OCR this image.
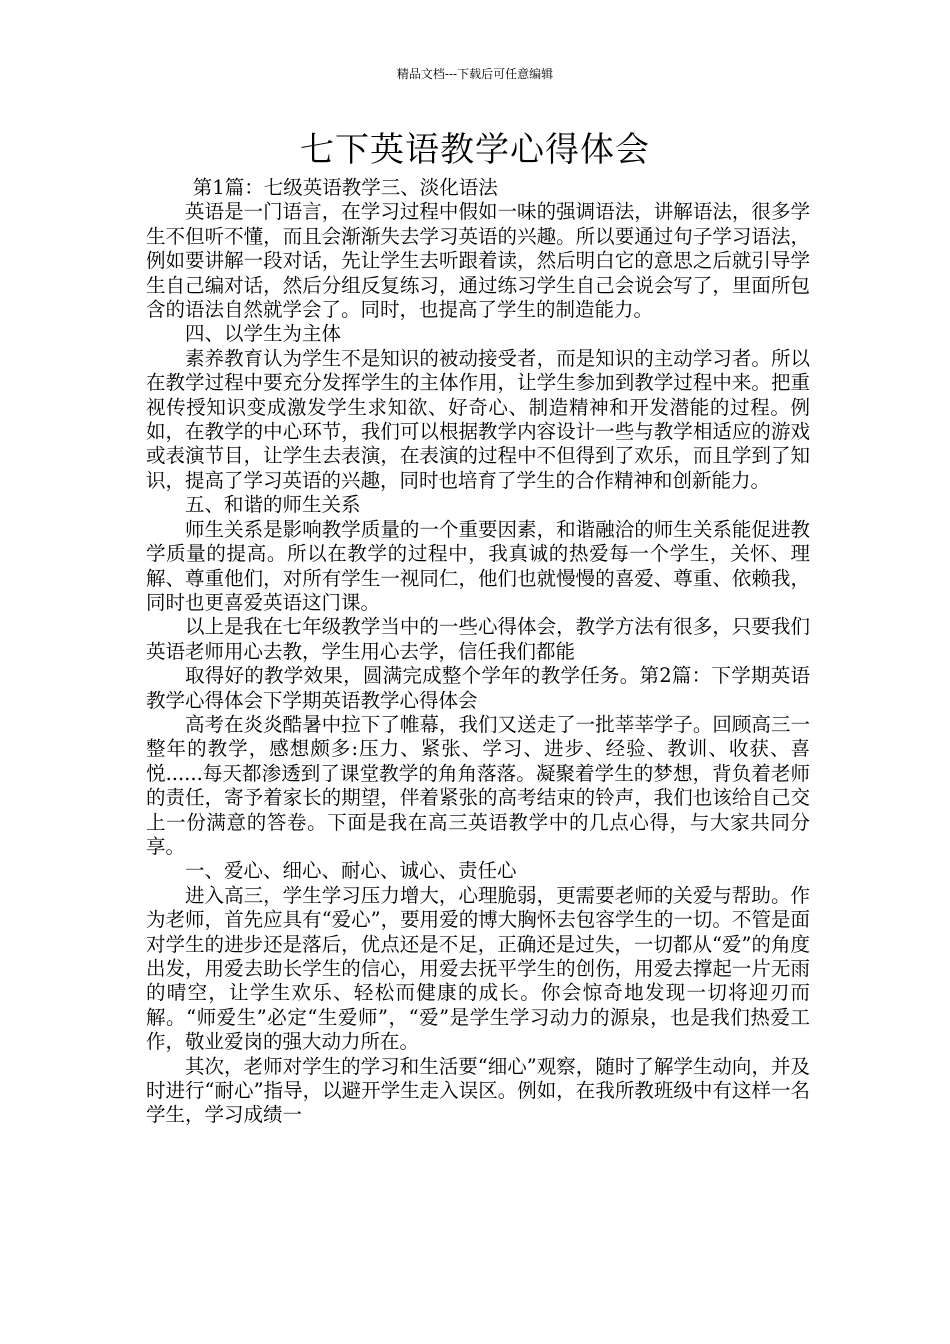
精品文档---下载后可任意编辑
七下英语教学心得体会

第1篇：七级英语教学三、淡化语法

英语是一门语言，在学习过程中假如一味的强调语法，讲解语法，很多学生不但听不懂，而且会渐渐失去学习英语的兴趣。所以要通过句子学习语法，例如要讲解一段对话，先让学生去听跟着读，然后明白它的意思之后就引导学生自己编对话，然后分组反复练习，通过练习学生自己会说会写了，里面所包含的语法自然就学会了。同时，也提高了学生的制造能力。

四、以学生为主体

素养教育认为学生不是知识的被动接受者，而是知识的主动学习者。所以在教学过程中要充分发挥学生的主体作用，让学生参加到教学过程中来。把重视传授知识变成激发学生求知欲、好奇心、制造精神和开发潜能的过程。例如，在教学的中心环节，我们可以根据教学内容设计一些与教学相适应的游戏或表演节目，让学生去表演，在表演的过程中不但得到了欢乐，而且学到了知识，提高了学习英语的兴趣，同时也培育了学生的合作精神和创新能力。

五、和谐的师生关系

师生关系是影响教学质量的一个重要因素，和谐融洽的师生关系能促进教学质量的提高。所以在教学的过程中，我真诚的热爱每一个学生，关怀、理解、尊重他们，对所有学生一视同仁，他们也就慢慢的喜爱、尊重、依赖我，同时也更喜爱英语这门课。

以上是我在七年级教学当中的一些心得体会，教学方法有很多，只要我们英语老师用心去教，学生用心去学，信任我们都能

取得好的教学效果，圆满完成整个学年的教学任务。第2篇：下学期英语教学心得体会下学期英语教学心得体会

高考在炎炎酷暑中拉下了帷幕，我们又送走了一批莘莘学子。回顾高三一整年的教学，感想颇多:压力、紧张、学习、进步、经验、教训、收获、喜悦......每天都渗透到了课堂教学的角角落落。凝聚着学生的梦想，背负着老师的责任，寄予着家长的期望，伴着紧张的高考结束的铃声，我们也该给自己交上一份满意的答卷。下面是我在高三英语教学中的几点心得，与大家共同分享。

一、爱心、细心、耐心、诚心、责任心

进入高三，学生学习压力增大，心理脆弱，更需要老师的关爱与帮助。作为老师，首先应具有“爱心”，要用爱的博大胸怀去包容学生的一切。不管是面对学生的进步还是落后，优点还是不足，正确还是过失，一切都从“爱”的角度出发，用爱去助长学生的信心，用爱去抚平学生的创伤，用爱去撑起一片无雨的晴空，让学生欢乐、轻松而健康的成长。你会惊奇地发现一切将迎刃而解。“师爱生”必定“生爱师”，“爱”是学生学习动力的源泉，也是我们热爱工作，敬业爱岗的强大动力所在。

其次，老师对学生的学习和生活要“细心”观察，随时了解学生动向，并及时进行“耐心”指导，以避开学生走入误区。例如，在我所教班级中有这样一名学生，学习成绩一
